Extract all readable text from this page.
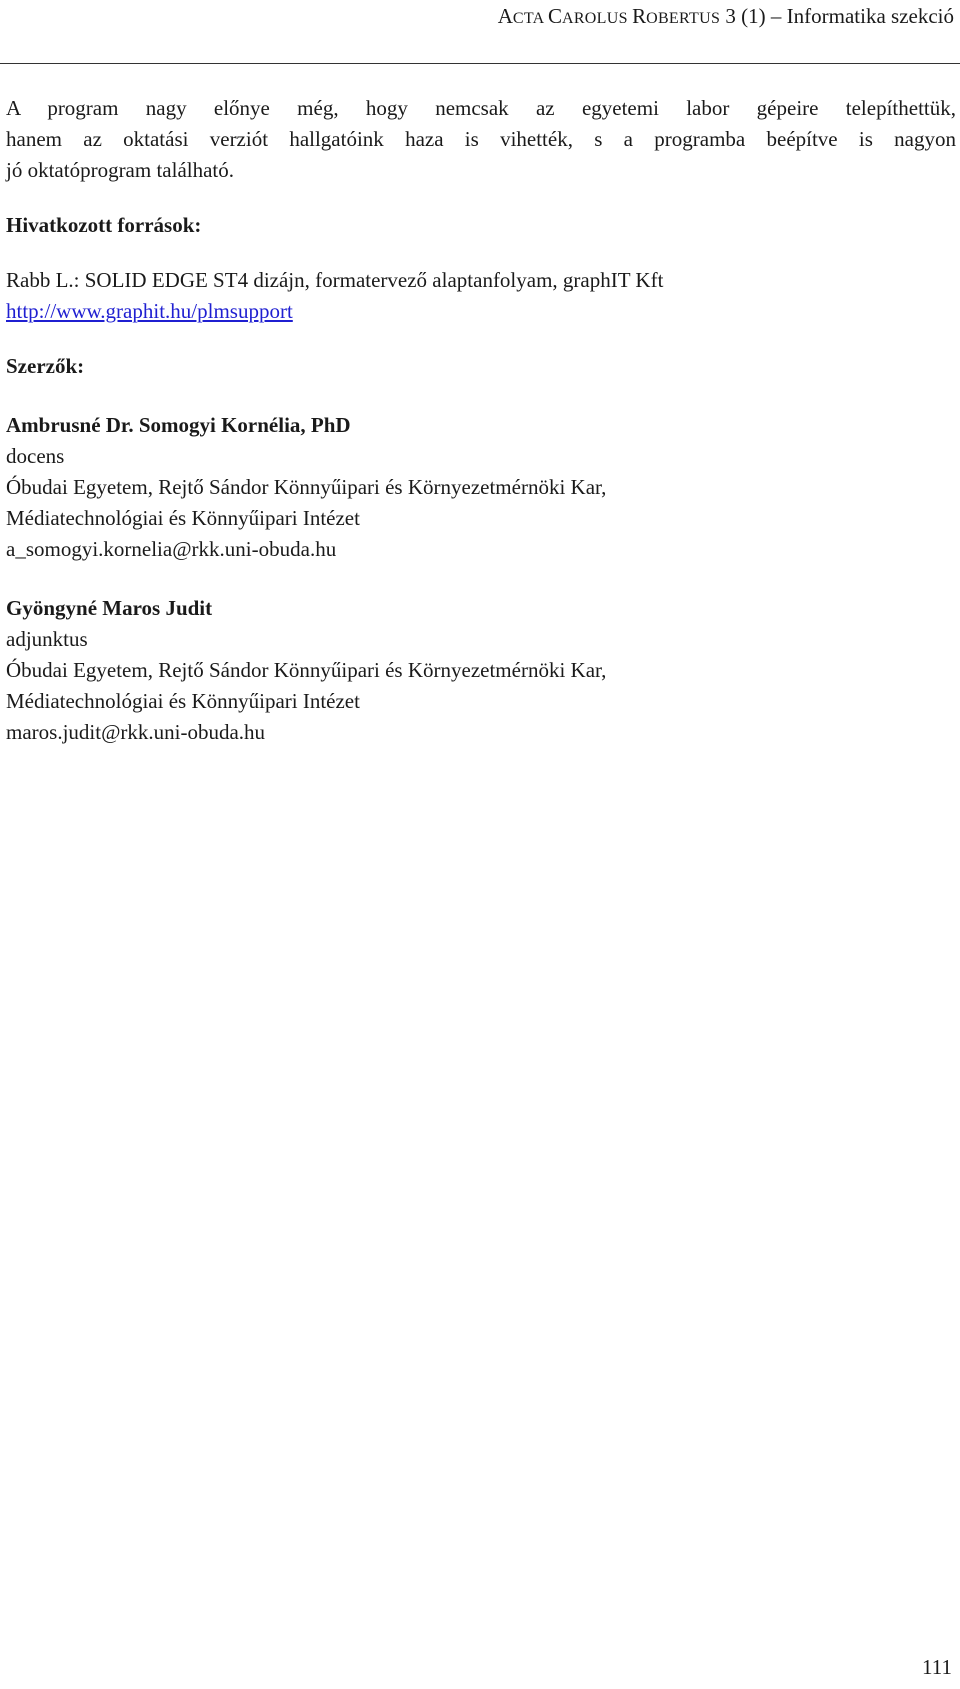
ACTA CAROLUS ROBERTUS 3 (1) – Informatika szekció
A program nagy előnye még, hogy nemcsak az egyetemi labor gépeire telepíthettük,
hanem az oktatási verziót hallgatóink haza is vihették, s a programba beépítve is nagyon
jó oktatóprogram található.
Hivatkozott források:
Rabb L.: SOLID EDGE ST4 dizájn, formatervező alaptanfolyam, graphIT Kft
http://www.graphit.hu/plmsupport
Szerzők:
Ambrusné Dr. Somogyi Kornélia, PhD
docens
Óbudai Egyetem, Rejtő Sándor Könnyűipari és Környezetmérnöki Kar,
Médiatechnológiai és Könnyűipari Intézet
a_somogyi.kornelia@rkk.uni-obuda.hu
Gyöngyné Maros Judit
adjunktus
Óbudai Egyetem, Rejtő Sándor Könnyűipari és Környezetmérnöki Kar,
Médiatechnológiai és Könnyűipari Intézet
maros.judit@rkk.uni-obuda.hu
111
